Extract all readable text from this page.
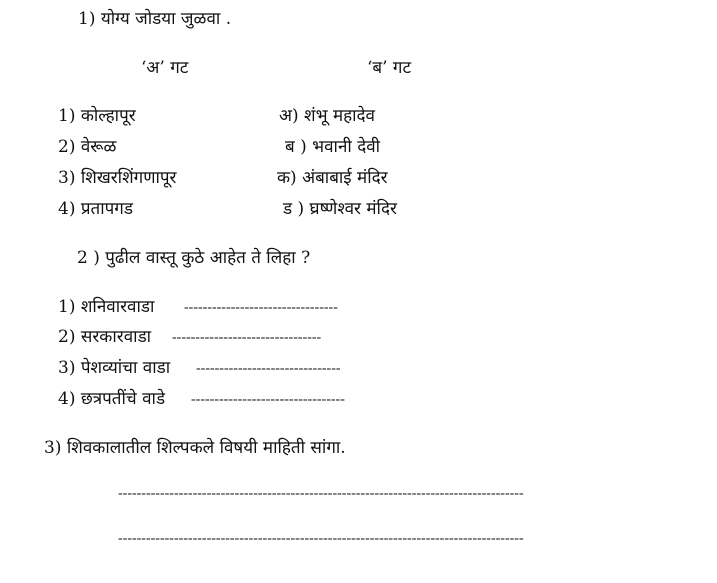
1) योग्य जोडया जुळवा .
‘अ’ गट	‘ब’ गट
1) कोल्हापूर
2) वेरूळ
3) शिखरशिंगणापूर
4) प्रतापगड
अ) शंभू महादेव
ब ) भवानी देवी
क) अंबाबाई मंदिर
ड ) घ्रष्णेश्वर मंदिर
2 ) पुढील वास्तू कुठे आहेत ते लिहा ?
1) शनिवारवाडा ---------------------------------
2) सरकारवाडा --------------------------------
3) पेशव्यांचा वाडा -------------------------------
4) छत्रपतींचे वाडे ---------------------------------
3) शिवकालातील शिल्पकले विषयी माहिती सांगा.
---------------------------------------------------------------------------------------
---------------------------------------------------------------------------------------
